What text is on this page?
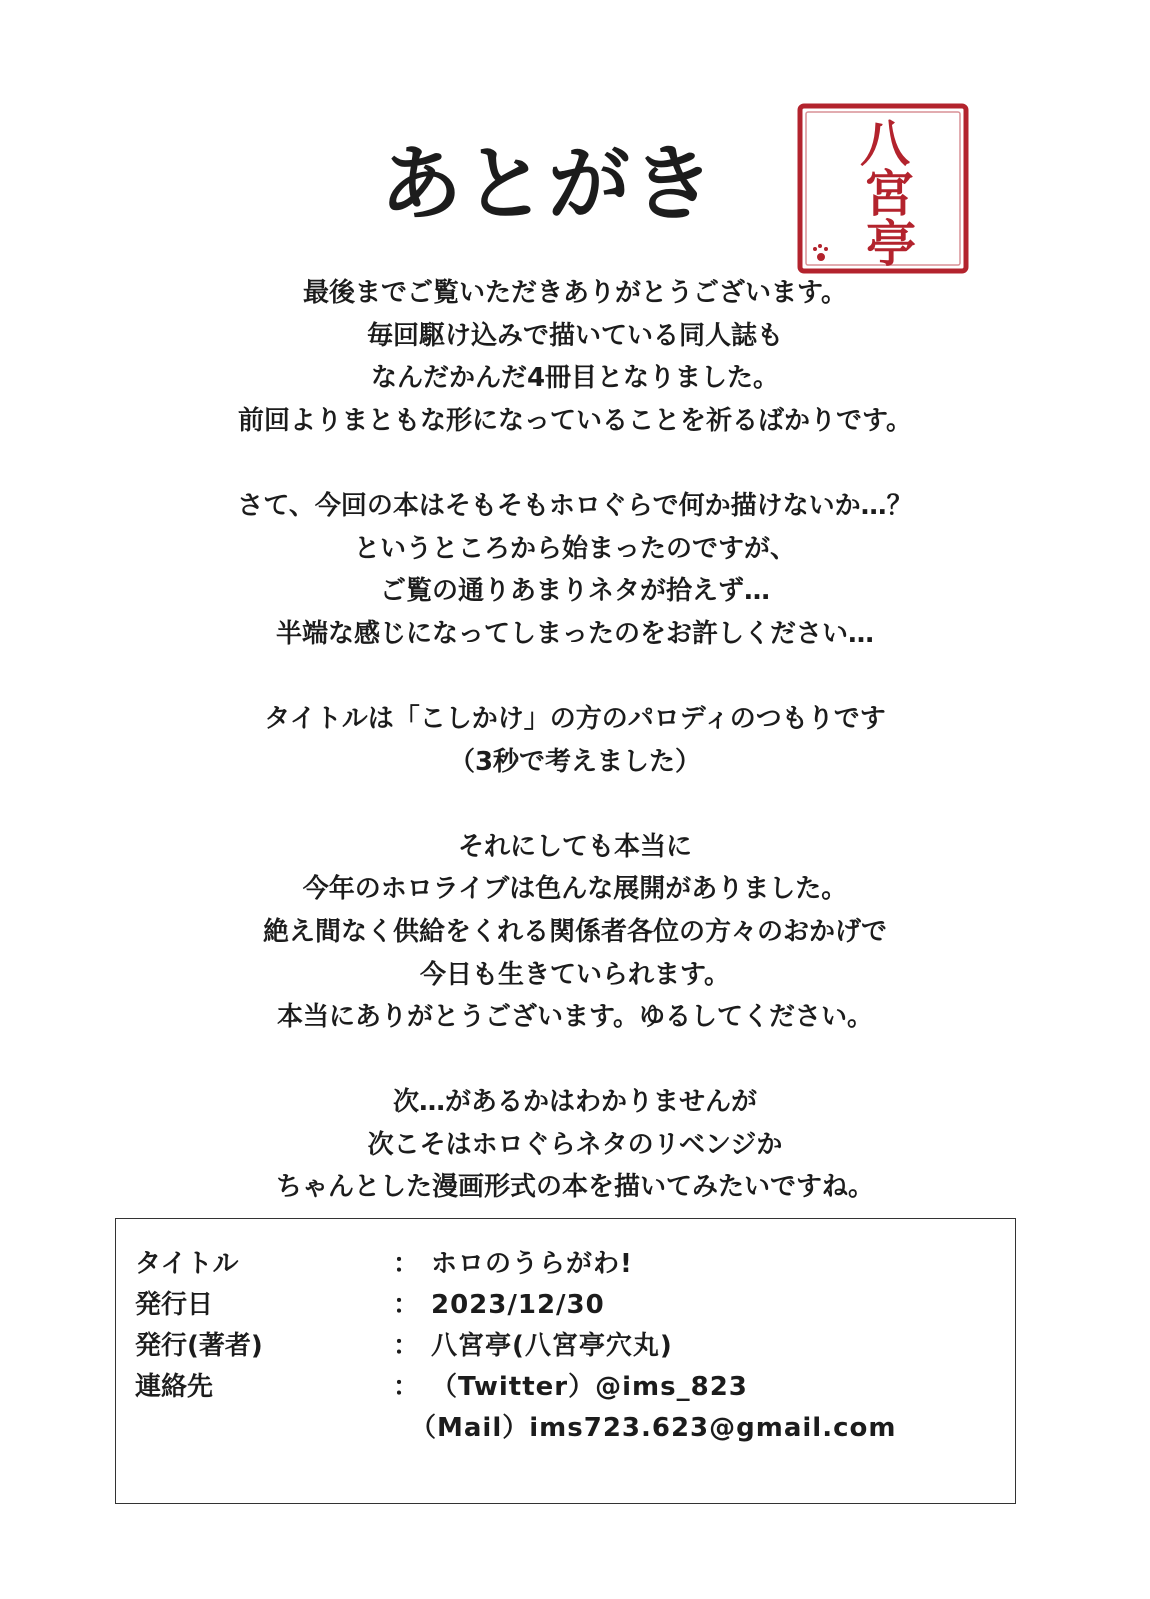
あとがき	八
宮
亭
最後までご覧いただきありがとうございます。
毎回駆け込みで描いている同人誌も
なんだかんだ4冊目となりました。
前回よりまともな形になっていることを祈るばかりです。
さて、今回の本はそもそもホロぐらで何か描けないか…？
というところから始まったのですが、
ご覧の通りあまりネタが拾えず…
半端な感じになってしまったのをお許しください…
タイトルは「こしかけ」の方のパロディのつもりです
（3秒で考えました）
それにしても本当に
今年のホロライブは色んな展開がありました。
絶え間なく供給をくれる関係者各位の方々のおかげで
今日も生きていられます。
本当にありがとうございます。ゆるしてください。
次…があるかはわかりませんが
次こそはホロぐらネタのリベンジか
ちゃんとした漫画形式の本を描いてみたいですね。
タイトル	： ホロのうらがわ!
発行日	： 2023/12/30
発行(著者)	： 八宮亭(八宮亭穴丸)
連絡先	： （Twitter）@ims_823
（Mail）ims723.623@gmail.com
